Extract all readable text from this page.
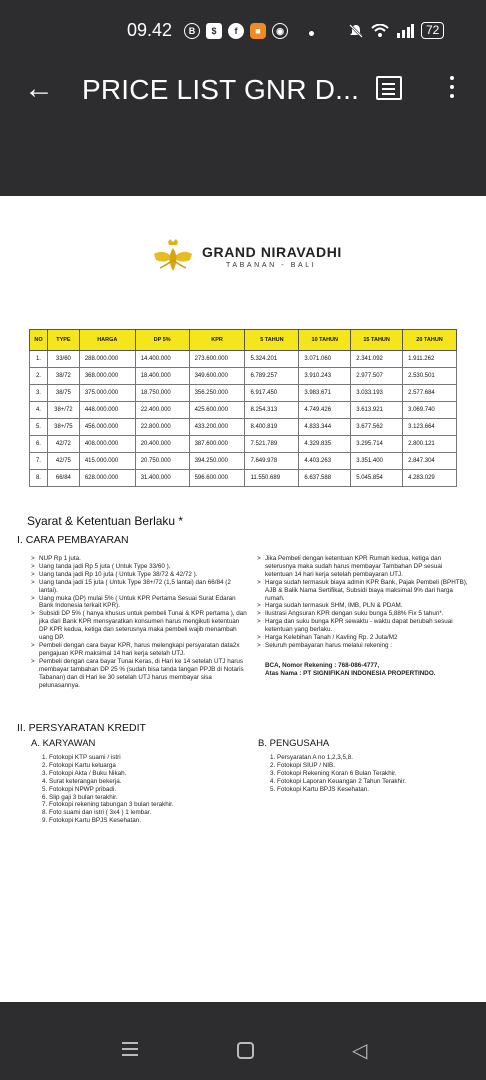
09.42	B	$	f	■	◉	72
← PRICE LIST GNR D...
GRAND NIRAVADHI
TABANAN - BALI
NO	TYPE	HARGA	DP 5%	KPR	5 TAHUN	10 TAHUN	15 TAHUN	20 TAHUN
1.	33/60	288.000.000	14.400.000	273.600.000	5.324.201	3.071.060	2.341.092	1.911.262
2.	38/72	368.000.000	18.400.000	349.600.000	6.789.257	3.910.243	2.977.507	2.530.501
3.	38/75	375.000.000	18.750.000	356.250.000	6.917.450	3.983.671	3.033.193	2.577.684
4.	38+/72	448.000.000	22.400.000	425.600.000	8.254.313	4.749.426	3.613.921	3.069.740
5.	38+/75	456.000.000	22.800.000	433.200.000	8.400.819	4.833.344	3.677.562	3.123.664
6.	42/72	408.000.000	20.400.000	387.600.000	7.521.789	4.329.835	3.295.714	2.800.121
7.	42/75	415.000.000	20.750.000	394.250.000	7.649.978	4.403.263	3.351.400	2.847.304
8.	66/84	628.000.000	31.400.000	596.600.000	11.550.689	6.637.588	5.045.854	4.283.029
Syarat & Ketentuan Berlaku *
I. CARA PEMBAYARAN
> NUP Rp 1 juta.
> Uang tanda jadi Rp 5 juta ( Untuk Type 33/60 ).
> Uang tanda jadi Rp 10 juta ( Untuk Type 38/72 & 42/72 ).
> Uang tanda jadi 15 juta ( Untuk Type 38+/72 (1,5 lantai) dan 66/84 (2 lantai).
> Uang muka (DP) mulai 5% ( Untuk KPR Pertama Sesuai Surat Edaran Bank Indonesia terkait KPR).
> Subsidi DP 5% ( hanya khusus untuk pembeli Tunai & KPR pertama ), dan jika dari Bank KPR mensyaratkan konsumen harus mengikuti ketentuan DP KPR kedua, ketiga dan seterusnya maka pembeli wajib menambah uang DP.
> Pembeli dengan cara bayar KPR, harus melengkapi persyaratan data2x pengajuan KPR maksimal 14 hari kerja setelah UTJ.
> Pembeli dengan cara bayar Tunai Keras, di Hari ke 14 setelah UTJ harus membayar tambahan DP 25 % (sudah bisa tanda tangan PPJB di Notaris Tabanan) dan di Hari ke 30 setelah UTJ harus membayar sisa pelunasannya.
> Jika Pembeli dengan ketentuan KPR Rumah kedua, ketiga dan seterusnya maka sudah harus membayar Tambahan DP sesuai ketentuan 14 hari kerja setelah pembayaran UTJ.
> Harga sudah termasuk biaya admin KPR Bank, Pajak Pembeli (BPHTB), AJB & Balik Nama Sertifikat, Subsidi biaya maksimal 9% dari harga rumah.
> Harga sudah termasuk SHM, IMB, PLN & PDAM.
> Ilustrasi Angsuran KPR dengan suku bunga 5,88% Fix 5 tahun*.
> Harga dan suku bunga KPR sewaktu - waktu dapat berubah sesuai ketentuan yang berlaku.
> Harga Kelebihan Tanah / Kavling Rp. 2 Juta/M2
> Seluruh pembayaran harus melalui rekening :
BCA, Nomor Rekening : 768-086-4777,
Atas Nama : PT SIGNIFIKAN INDONESIA PROPERTINDO.
II. PERSYARATAN KREDIT
A. KARYAWAN	B. PENGUSAHA
1. Fotokopi KTP suami / istri
2. Fotokopi Kartu keluarga
3. Fotokopi Akta / Buku Nikah.
4. Surat keterangan bekerja.
5. Fotokopi NPWP pribadi.
6. Slip gaji 3 bulan terakhir.
7. Fotokopi rekening tabungan 3 bulan terakhir.
8. Foto suami dan istri ( 3x4 ) 1 lembar.
9. Fotokopi Kartu BPJS Kesehatan.
1. Persyaratan A no 1,2,3,5,8.
2. Fotokopi SIUP / NIB.
3. Fotokopi Rekening Koran 6 Bulan Terakhir.
4. Fotokopi Laporan Keuangan 2 Tahun Terakhir.
5. Fotokopi Kartu BPJS Kesehatan.
◁
